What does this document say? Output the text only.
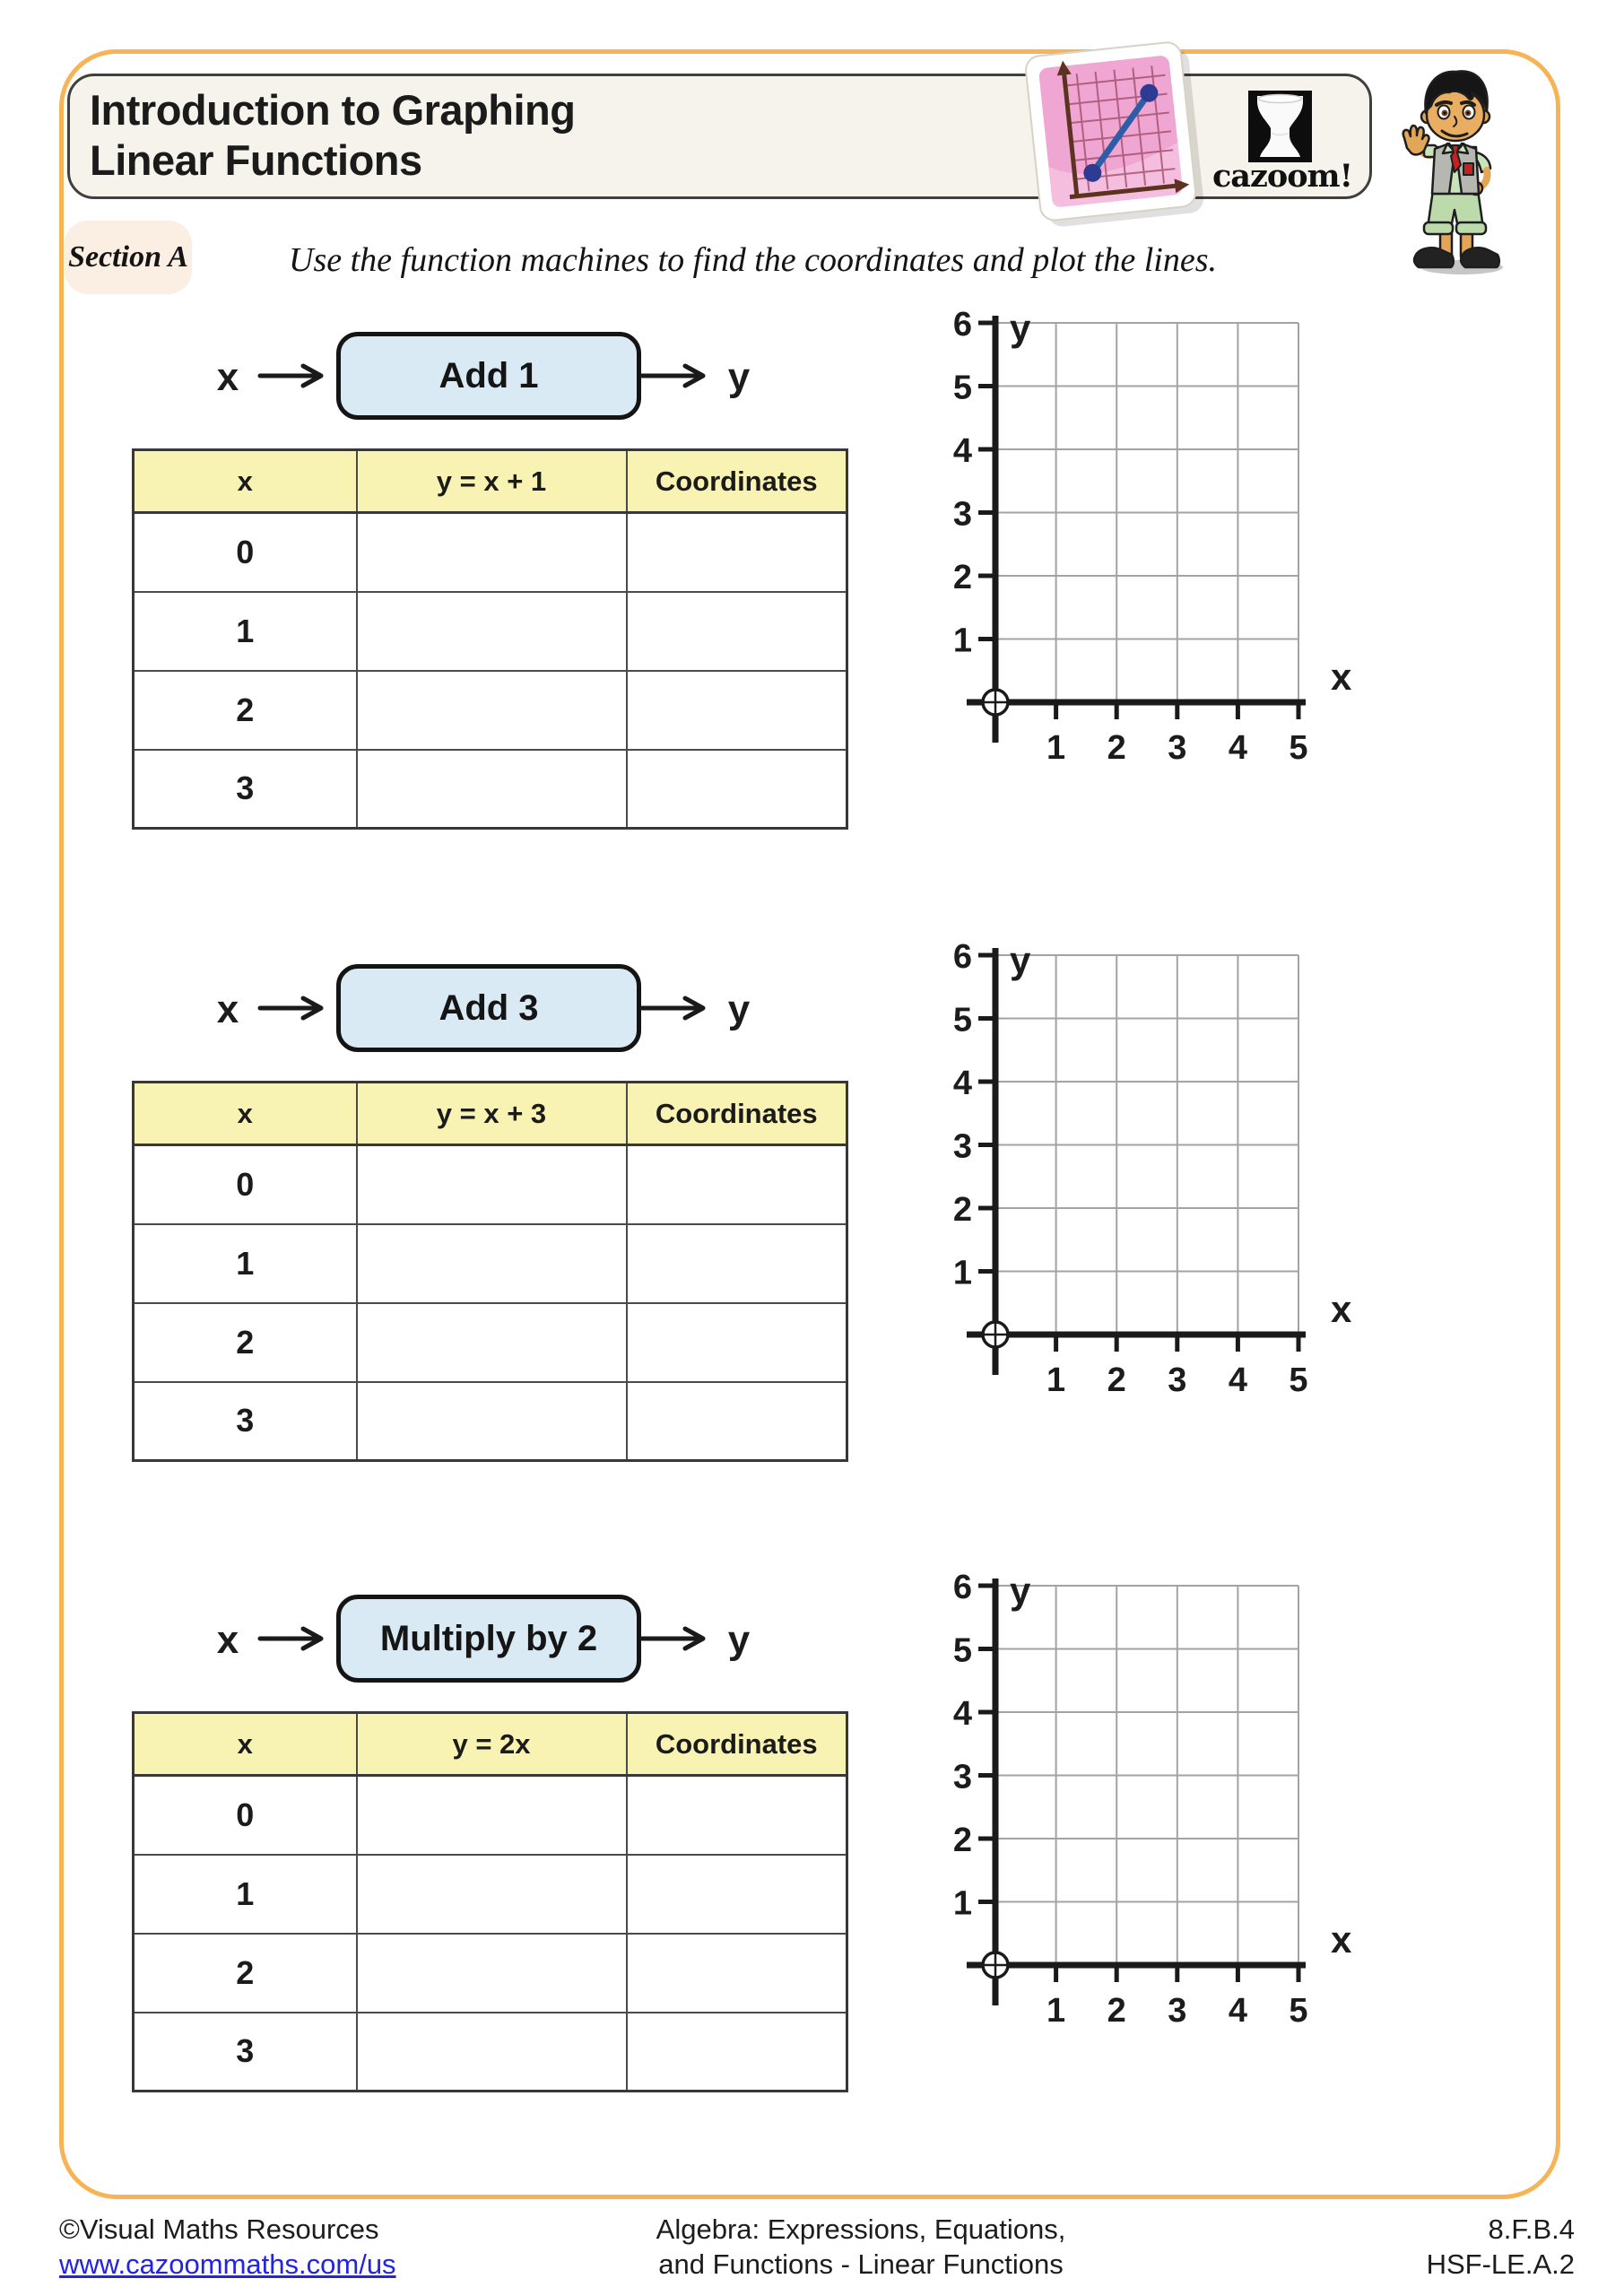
Introduction to Graphing Linear Functions	cazoom!
Section A	Use the function machines to find the coordinates and plot the lines.
x	Add 1	y
x	y = x + 1	Coordinates
0		
1		
2		
3		
1 2 3 4 5
1
2
3
4
5
6
x
y
x	Add 3	y
x	y = x + 3	Coordinates
0		
1		
2		
3		
1 2 3 4 5
1
2
3
4
5
6
x
y
x	Multiply by 2	y
x	y = 2x	Coordinates
0		
1		
2		
3		
1 2 3 4 5
1
2
3
4
5
6
x
y
©Visual Maths Resources
www.cazoommaths.com/us
Algebra: Expressions, Equations,
and Functions - Linear Functions
8.F.B.4
HSF-LE.A.2
